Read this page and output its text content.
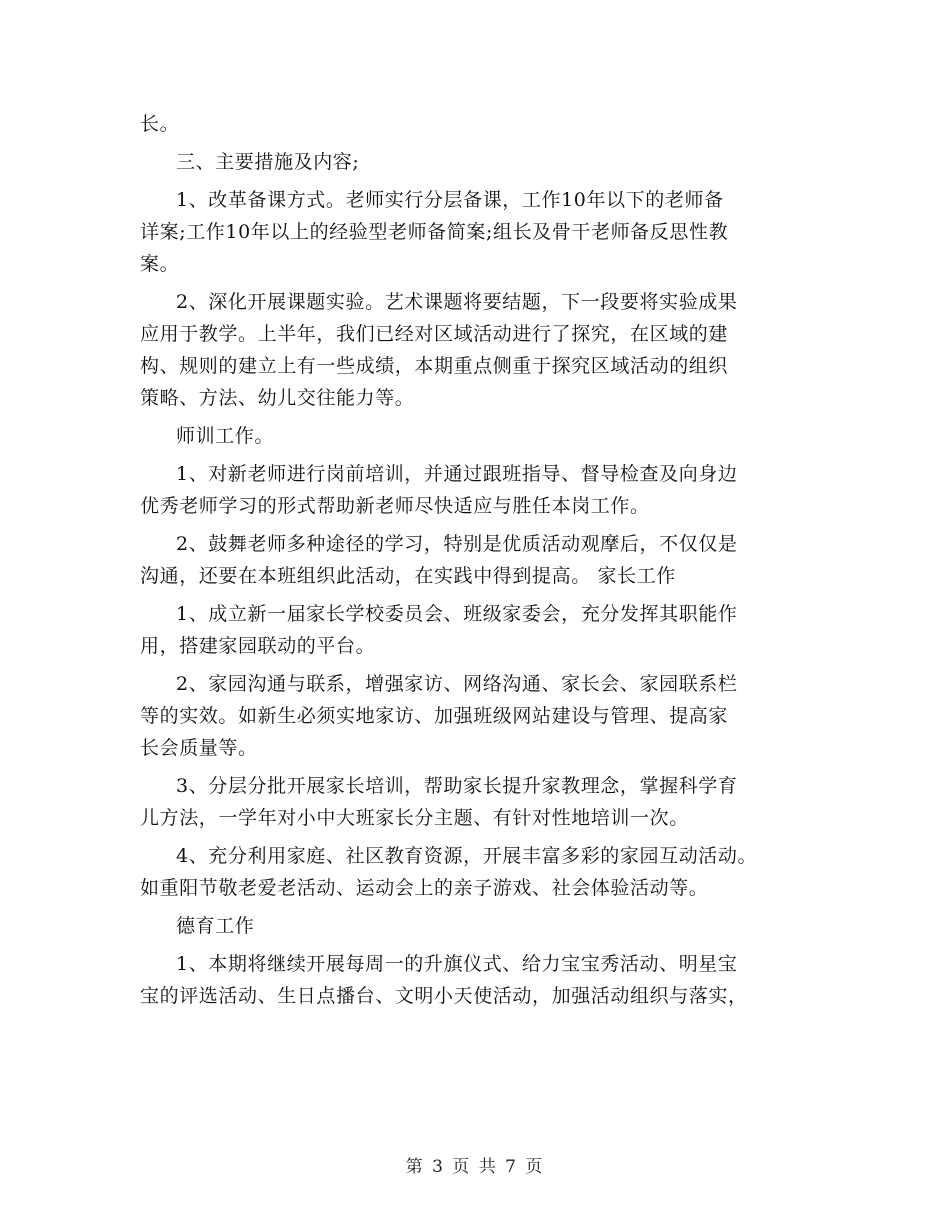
长。
三、主要措施及内容;
1、改革备课方式。老师实行分层备课，工作10年以下的老师备
详案;工作10年以上的经验型老师备简案;组长及骨干老师备反思性教
案。
2、深化开展课题实验。艺术课题将要结题，下一段要将实验成果
应用于教学。上半年，我们已经对区域活动进行了探究，在区域的建
构、规则的建立上有一些成绩，本期重点侧重于探究区域活动的组织
策略、方法、幼儿交往能力等。
师训工作。
1、对新老师进行岗前培训，并通过跟班指导、督导检查及向身边
优秀老师学习的形式帮助新老师尽快适应与胜任本岗工作。
2、鼓舞老师多种途径的学习，特别是优质活动观摩后，不仅仅是
沟通，还要在本班组织此活动，在实践中得到提高。 家长工作
1、成立新一届家长学校委员会、班级家委会，充分发挥其职能作
用，搭建家园联动的平台。
2、家园沟通与联系，增强家访、网络沟通、家长会、家园联系栏
等的实效。如新生必须实地家访、加强班级网站建设与管理、提高家
长会质量等。
3、分层分批开展家长培训，帮助家长提升家教理念，掌握科学育
儿方法，一学年对小中大班家长分主题、有针对性地培训一次。
4、充分利用家庭、社区教育资源，开展丰富多彩的家园互动活动。
如重阳节敬老爱老活动、运动会上的亲子游戏、社会体验活动等。
德育工作
1、本期将继续开展每周一的升旗仪式、给力宝宝秀活动、明星宝
宝的评选活动、生日点播台、文明小天使活动，加强活动组织与落实，
第 3 页 共 7 页
